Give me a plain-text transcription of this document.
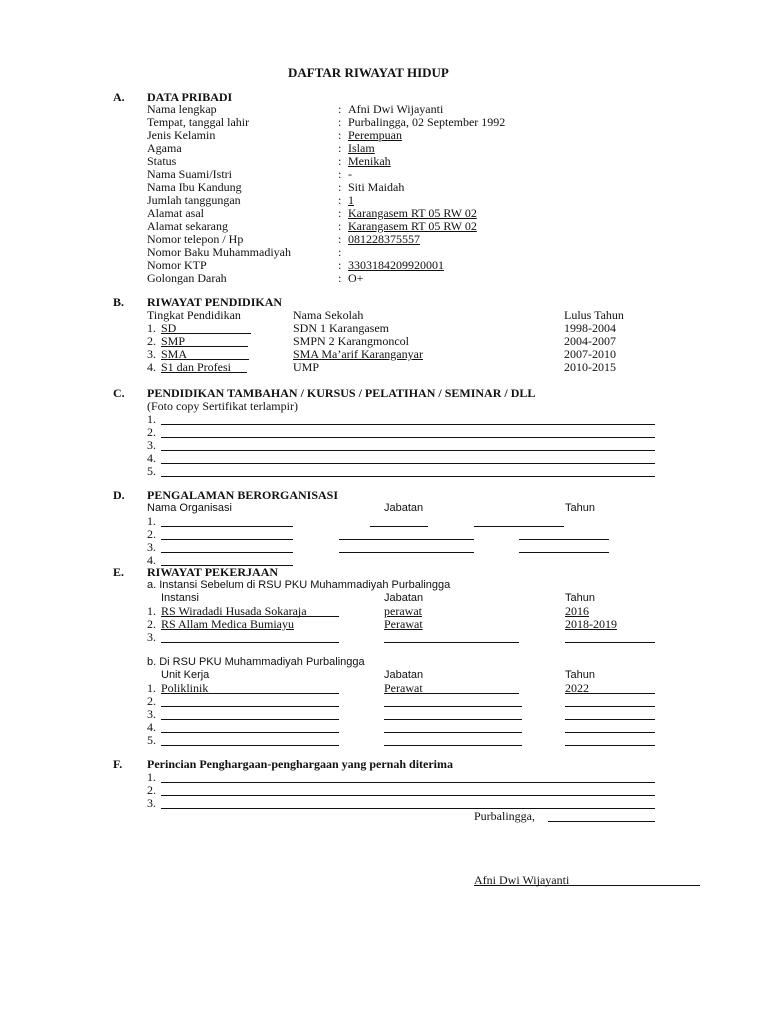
DAFTAR RIWAYAT HIDUP
A. DATA PRIBADI
Nama lengkap	: Afni Dwi Wijayanti
Tempat, tanggal lahir	: Purbalingga, 02 September 1992
Jenis Kelamin	: Perempuan
Agama	: Islam
Status	: Menikah
Nama Suami/Istri	: -
Nama Ibu Kandung	: Siti Maidah
Jumlah tanggungan	: 1
Alamat asal	: Karangasem RT 05 RW 02
Alamat sekarang	: Karangasem RT 05 RW 02
Nomor telepon / Hp	: 081228375557
Nomor Baku Muhammadiyah	:
Nomor KTP	: 3303184209920001
Golongan Darah	: O+
B. RIWAYAT PENDIDIKAN
Tingkat Pendidikan	Nama Sekolah	Lulus Tahun
1. SD	SDN 1 Karangasem	1998-2004
2. SMP	SMPN 2 Karangmoncol	2004-2007
3. SMA	SMA Ma’arif Karanganyar	2007-2010
4. S1 dan Profesi	UMP	2010-2015
C. PENDIDIKAN TAMBAHAN / KURSUS / PELATIHAN / SEMINAR / DLL
(Foto copy Sertifikat terlampir)
1.
2.
3.
4.
5.
D. PENGALAMAN BERORGANISASI
Nama Organisasi	Jabatan	Tahun
1.
2.
3.
4.
E. RIWAYAT PEKERJAAN
a. Instansi Sebelum di RSU PKU Muhammadiyah Purbalingga
Instansi	Jabatan	Tahun
1. RS Wiradadi Husada Sokaraja	perawat	2016
2. RS Allam Medica Bumiayu	Perawat	2018-2019
3.
b. Di RSU PKU Muhammadiyah Purbalingga
Unit Kerja	Jabatan	Tahun
1. Poliklinik	Perawat	2022
2.
3.
4.
5.
F. Perincian Penghargaan-penghargaan yang pernah diterima
1.
2.
3.
Purbalingga,
Afni Dwi Wijayanti
